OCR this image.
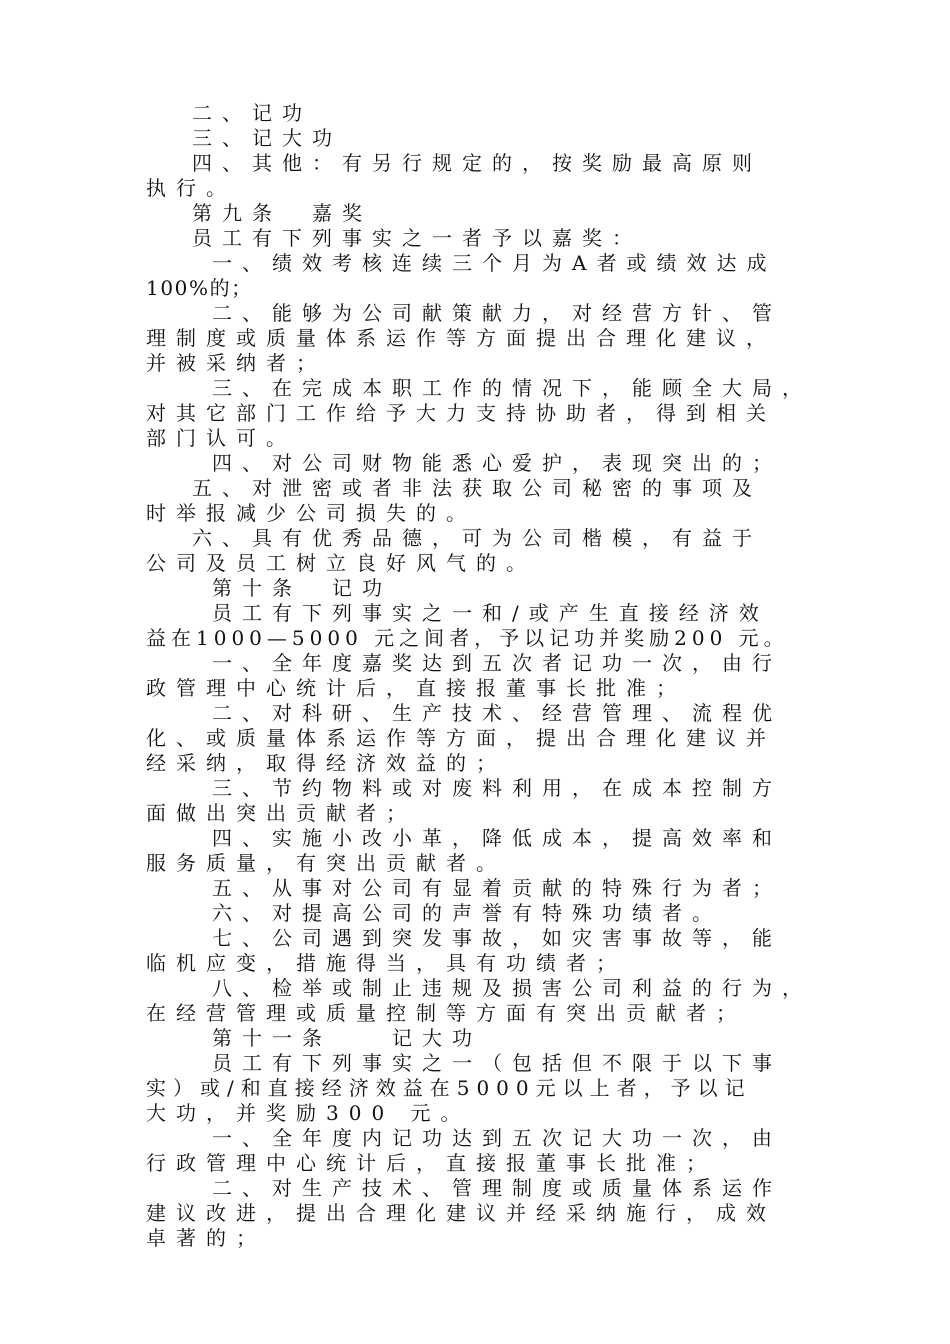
二、记功
三、记大功
四、其他：有另行规定的，按奖励最高原则
执行。
第九条　嘉奖
员工有下列事实之一者予以嘉奖：
一、绩效考核连续三个月为A者或绩效达成
100%的；
二、能够为公司献策献力，对经营方针、管
理制度或质量体系运作等方面提出合理化建议，
并被采纳者；
三、在完成本职工作的情况下，能顾全大局，
对其它部门工作给予大力支持协助者，得到相关
部门认可。
四、对公司财物能悉心爱护，表现突出的；
五、对泄密或者非法获取公司秘密的事项及
时举报减少公司损失的。
六、具有优秀品德，可为公司楷模，有益于
公司及员工树立良好风气的。
第十条　记功
员工有下列事实之一和/或产生直接经济效
益在1000—5000 元之间者，予以记功并奖励200 元。
一、全年度嘉奖达到五次者记功一次，由行
政管理中心统计后，直接报董事长批准；
二、对科研、生产技术、经营管理、流程优
化、或质量体系运作等方面，提出合理化建议并
经采纳，取得经济效益的；
三、节约物料或对废料利用，在成本控制方
面做出突出贡献者；
四、实施小改小革，降低成本，提高效率和
服务质量，有突出贡献者。
五、从事对公司有显着贡献的特殊行为者；
六、对提高公司的声誉有特殊功绩者。
七、公司遇到突发事故，如灾害事故等，能
临机应变，措施得当，具有功绩者；
八、检举或制止违规及损害公司利益的行为，
在经营管理或质量控制等方面有突出贡献者；
第十一条　　记大功
员工有下列事实之一（包括但不限于以下事
实）或/和直接经济效益在5000元以上者，予以记
大功，并奖励300 元。
一、全年度内记功达到五次记大功一次，由
行政管理中心统计后，直接报董事长批准；
二、对生产技术、管理制度或质量体系运作
建议改进，提出合理化建议并经采纳施行，成效
卓著的；
